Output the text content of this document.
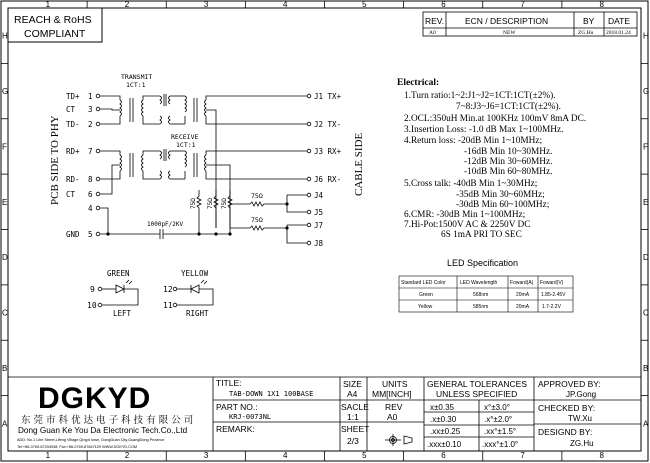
1
1
2
2
3
3
4
4
5
5
6
6
7
7
8
8
H	H
G	G
F	F
E	E
D	D
C	C
B	B
A	A
REACH & RoHS
COMPLIANT
REV. ECN / DESCRIPTION	BY DATE
A0	NEW	ZG.Hu 2018.01.24
PCB SIDE TO PHY	CABLE SIDE
TD+ 1
CT 3
TD- 2
RD+ 7
RD- 8
CT 6
4
GND 5
J1 TX+
J2 TX-
J3 RX+
J6 RX-
J4
J5
J7
J8
TRANSMIT
1CT:1
RECEIVE
1CT:1
75Ω 75Ω 75Ω
75Ω
75Ω
1000pF/2KV
GREEN	YELLOW
9
10
12
11
LEFT	RIGHT
Electrical:
1.Turn ratio:1~2:J1~J2=1CT:1CT(±2%).
7~8:J3~J6=1CT:1CT(±2%).
2.OCL:350uH Min.at 100KHz 100mV 8mA DC.
3.Insertion Loss: -1.0 dB Max 1~100MHz.
4.Return loss: -20dB Min 1~10MHz;
-16dB Min 10~30MHz.
-12dB Min 30~60MHz.
-10dB Min 60~80MHz.
5.Cross talk: -40dB Min 1~30MHz;
-35dB Min 30~60MHz;
-30dB Min 60~100MHz;
6.CMR: -30dB Min 1~100MHz;
7.Hi-Pot:1500V AC & 2250V DC
6S 1mA PRI TO SEC
LED Specification
Standard LED Color	LED Wavelength	Foward(A) Foward(V)
Green	568nm	20mA 1.85-2.45V
Yellow	585nm	20mA	1.7-2.2V
DGKYD
东 莞 市 科 优 达 电 子 科 技 有 限 公 司
Dong Guan Ke You Da Electronic Tech.Co.,Ltd
ADD: No.1 Lihe Street,Lifeng Village,Qingxi town, DongGuan City,GuangDong Province
Tel:+86-0769-87334938; Fax:+86-0769-87847129 WWW.DGKYD.COM
TITLE:
TAB-DOWN 1X1 100BASE
PART NO.:
KRJ-0073NL
REMARK:
SIZE
A4
SACLE
1:1
SHEET
2/3
UNITS
MM[INCH]
REV
A0
GENERAL TOLERANCES
UNLESS SPECIFIED
x±0.35	x°±3.0°
.x±0.30	.x°±2.0°
.xx±0.25	.xx°±1.5°
.xxx±0.10	.xxx°±1.0°
APPROVED BY:
JP.Gong
CHECKED BY:
TW.Xu
DESIGND BY:
ZG.Hu
